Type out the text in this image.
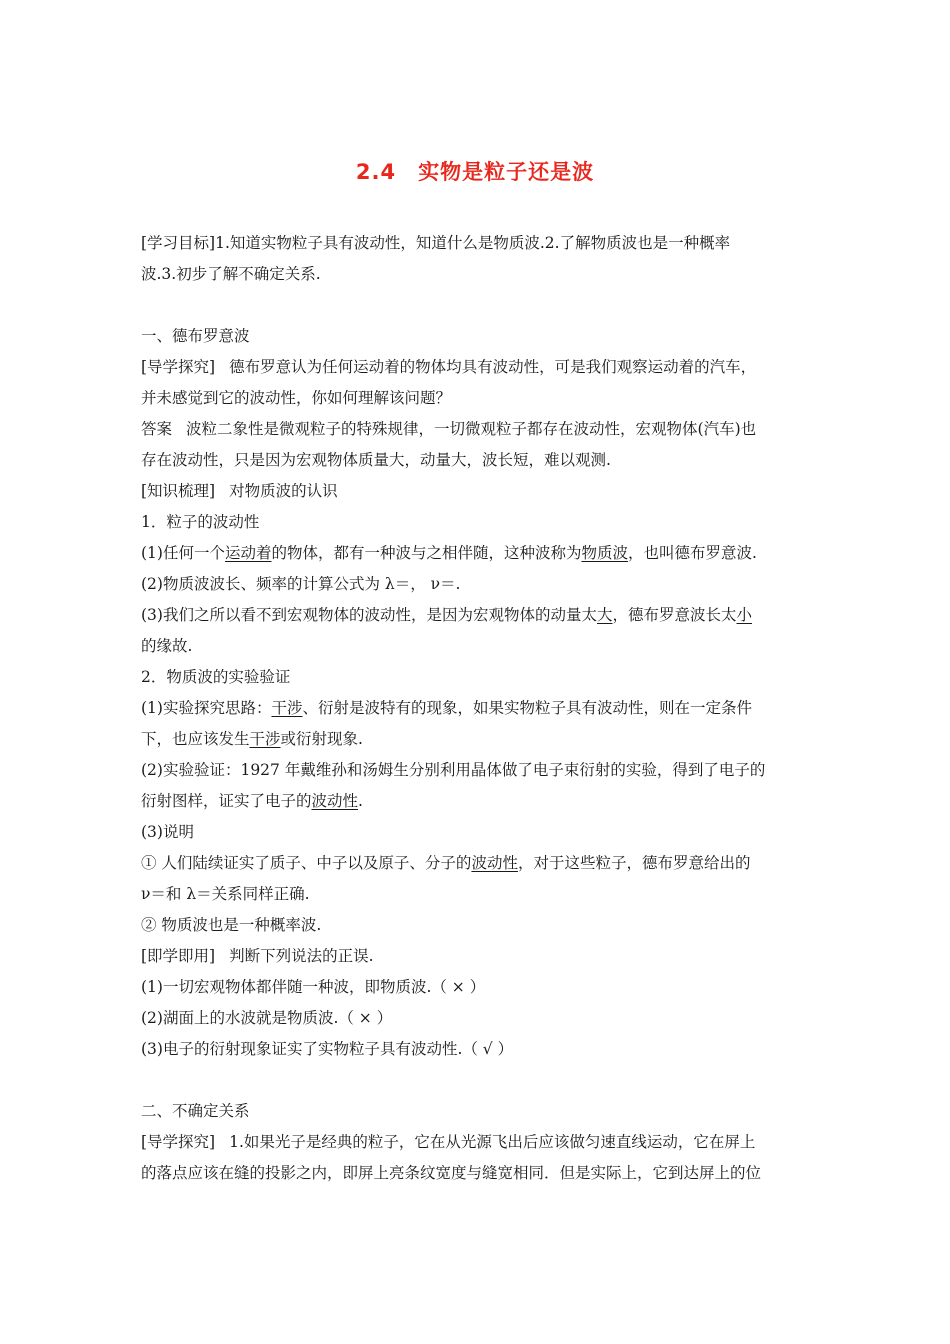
2.4　实物是粒子还是波
[学习目标]1.知道实物粒子具有波动性，知道什么是物质波.2.了解物质波也是一种概率
波.3.初步了解不确定关系.
一、德布罗意波
[导学探究] 德布罗意认为任何运动着的物体均具有波动性，可是我们观察运动着的汽车，
并未感觉到它的波动性，你如何理解该问题？
答案 波粒二象性是微观粒子的特殊规律，一切微观粒子都存在波动性，宏观物体(汽车)也
存在波动性，只是因为宏观物体质量大，动量大，波长短，难以观测.
[知识梳理] 对物质波的认识
1．粒子的波动性
(1)任何一个运动着的物体，都有一种波与之相伴随，这种波称为物质波，也叫德布罗意波.
(2)物质波波长、频率的计算公式为 λ＝， ν＝.
(3)我们之所以看不到宏观物体的波动性，是因为宏观物体的动量太大，德布罗意波长太小
的缘故.
2．物质波的实验验证
(1)实验探究思路：干涉、衍射是波特有的现象，如果实物粒子具有波动性，则在一定条件
下，也应该发生干涉或衍射现象.
(2)实验验证：1927 年戴维孙和汤姆生分别利用晶体做了电子束衍射的实验，得到了电子的
衍射图样，证实了电子的波动性.
(3)说明
① 人们陆续证实了质子、中子以及原子、分子的波动性，对于这些粒子，德布罗意给出的
ν＝和 λ＝关系同样正确.
② 物质波也是一种概率波.
[即学即用] 判断下列说法的正误.
(1)一切宏观物体都伴随一种波，即物质波.（ × ）
(2)湖面上的水波就是物质波.（ × ）
(3)电子的衍射现象证实了实物粒子具有波动性.（ √ ）
二、不确定关系
[导学探究] 1.如果光子是经典的粒子，它在从光源飞出后应该做匀速直线运动，它在屏上
的落点应该在缝的投影之内，即屏上亮条纹宽度与缝宽相同．但是实际上，它到达屏上的位
